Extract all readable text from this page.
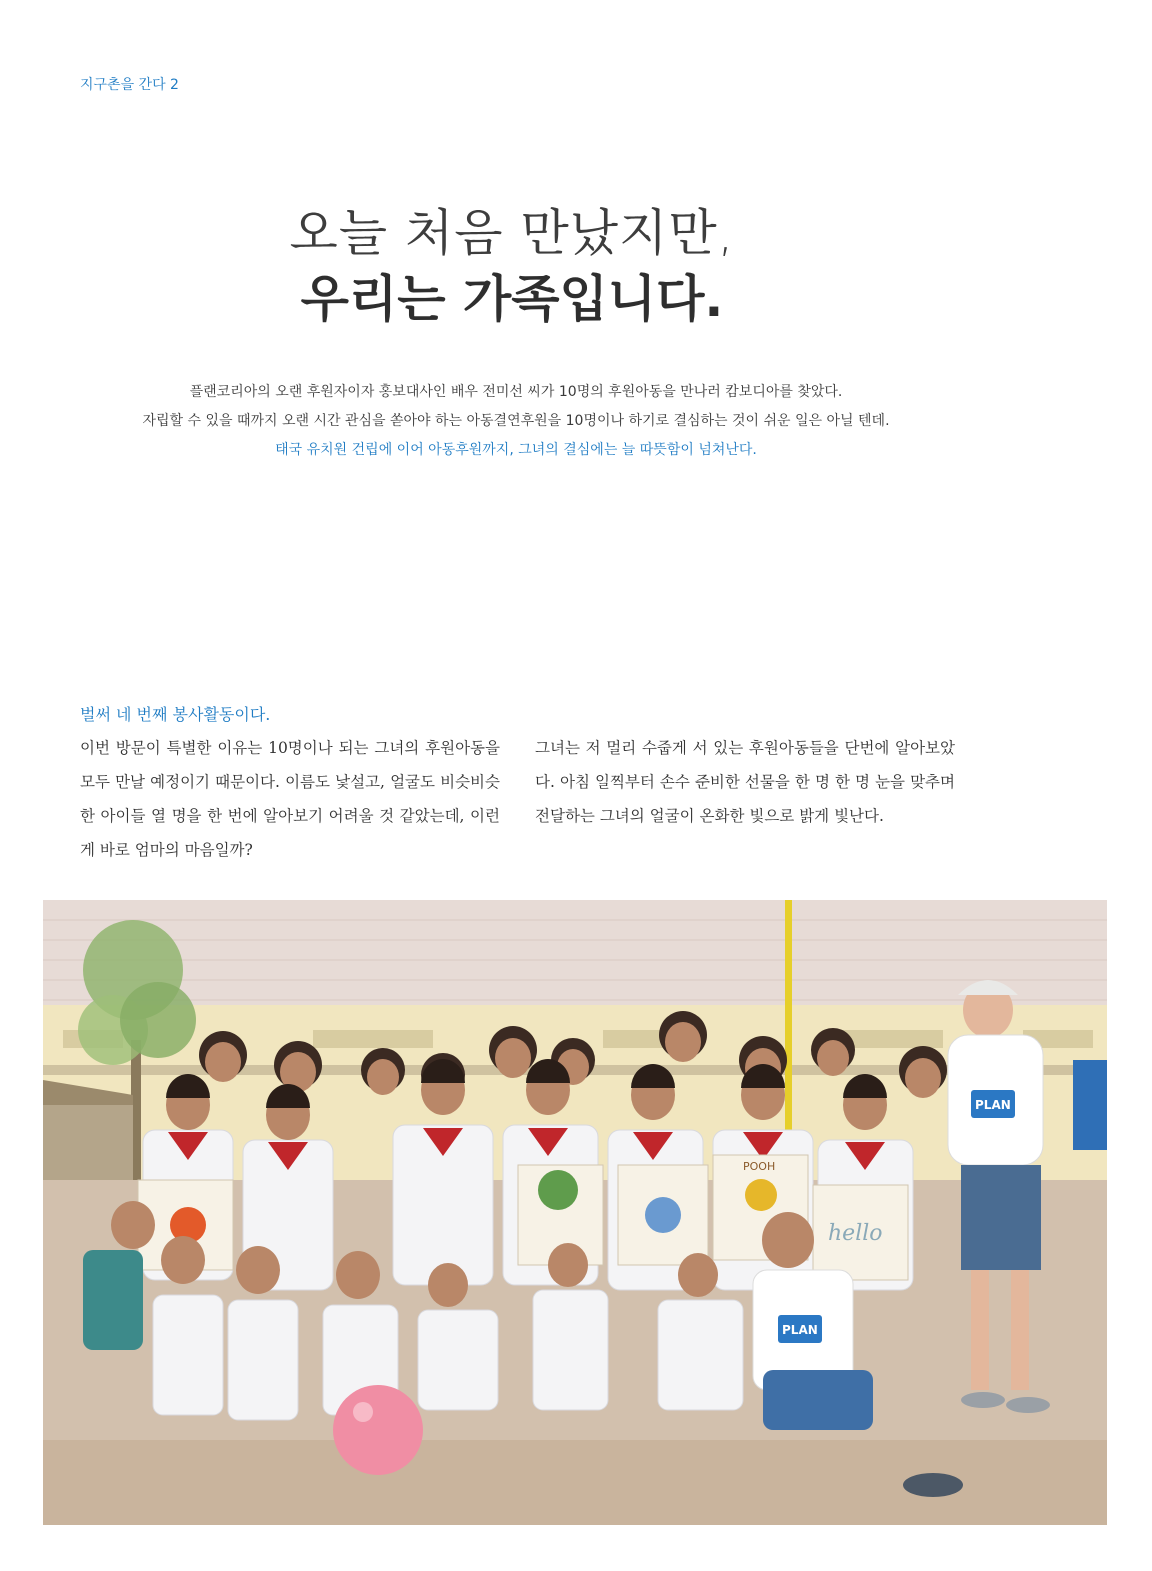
지구촌을 간다 2
오늘 처음 만났지만,
우리는 가족입니다.
플랜코리아의 오랜 후원자이자 홍보대사인 배우 전미선 씨가 10명의 후원아동을 만나러 캄보디아를 찾았다.
자립할 수 있을 때까지 오랜 시간 관심을 쏟아야 하는 아동결연후원을 10명이나 하기로 결심하는 것이 쉬운 일은 아닐 텐데.
태국 유치원 건립에 이어 아동후원까지, 그녀의 결심에는 늘 따뜻함이 넘쳐난다.
벌써 네 번째 봉사활동이다.
이번 방문이 특별한 이유는 10명이나 되는 그녀의 후원아동을 모두 만날 예정이기 때문이다. 이름도 낯설고, 얼굴도 비슷비슷한 아이들 열 명을 한 번에 알아보기 어려울 것 같았는데, 이런 게 바로 엄마의 마음일까?
그녀는 저 멀리 수줍게 서 있는 후원아동들을 단번에 알아보았다. 아침 일찍부터 손수 준비한 선물을 한 명 한 명 눈을 맞추며 전달하는 그녀의 얼굴이 온화한 빛으로 밝게 빛난다.
POOH
hello
PLAN
PLAN
